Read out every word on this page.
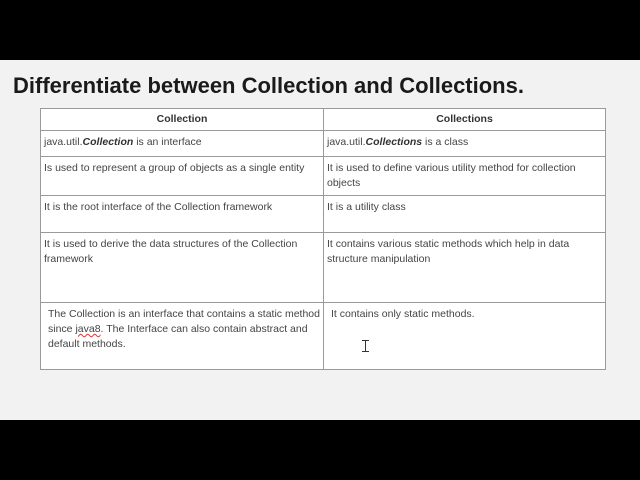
Differentiate between Collection and Collections.
Collection	Collections
java.util.Collection is an interface	java.util.Collections is a class
Is used to represent a group of objects as a single entity	It is used to define various utility method for collection objects
It is the root interface of the Collection framework	It is a utility class
It is used to derive the data structures of the Collection framework	It contains various static methods which help in data structure manipulation
The Collection is an interface that contains a static method since java8. The Interface can also contain abstract and default methods.	It contains only static methods.
